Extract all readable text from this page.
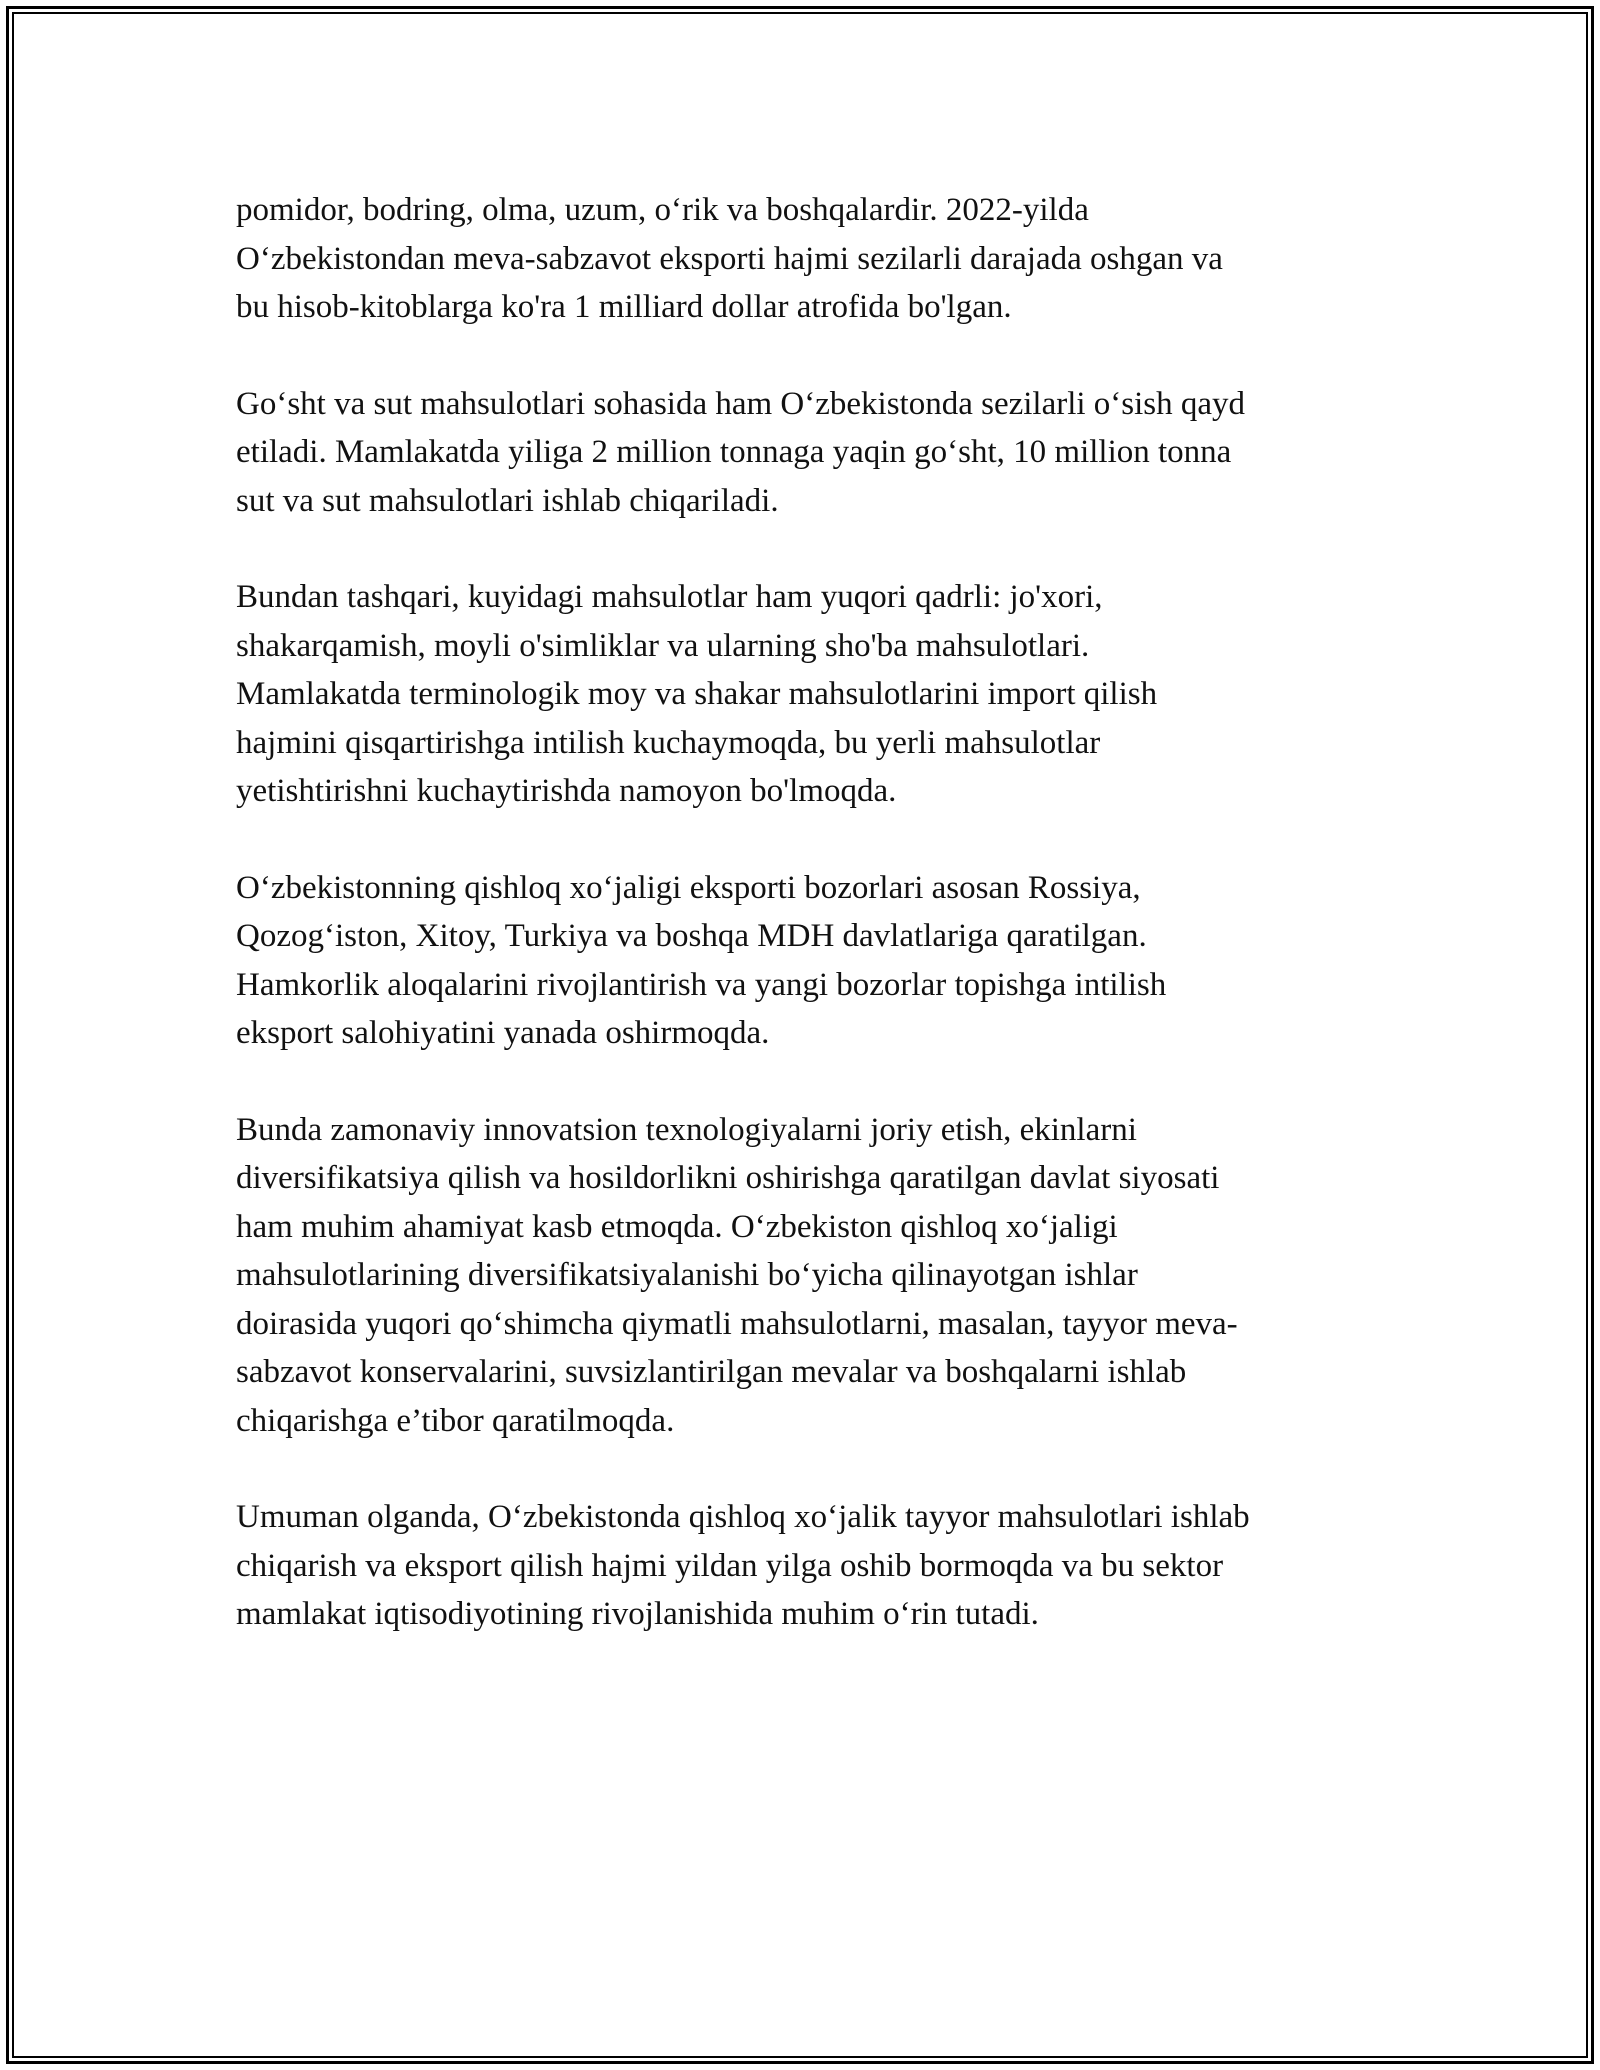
pomidor, bodring, olma, uzum, o‘rik va boshqalardir. 2022-yilda
O‘zbekistondan meva-sabzavot eksporti hajmi sezilarli darajada oshgan va
bu hisob-kitoblarga ko'ra 1 milliard dollar atrofida bo'lgan.

Go‘sht va sut mahsulotlari sohasida ham O‘zbekistonda sezilarli o‘sish qayd
etiladi. Mamlakatda yiliga 2 million tonnaga yaqin go‘sht, 10 million tonna
sut va sut mahsulotlari ishlab chiqariladi.

Bundan tashqari, kuyidagi mahsulotlar ham yuqori qadrli: jo'xori,
shakarqamish, moyli o'simliklar va ularning sho'ba mahsulotlari.
Mamlakatda terminologik moy va shakar mahsulotlarini import qilish
hajmini qisqartirishga intilish kuchaymoqda, bu yerli mahsulotlar
yetishtirishni kuchaytirishda namoyon bo'lmoqda.

O‘zbekistonning qishloq xo‘jaligi eksporti bozorlari asosan Rossiya,
Qozog‘iston, Xitoy, Turkiya va boshqa MDH davlatlariga qaratilgan.
Hamkorlik aloqalarini rivojlantirish va yangi bozorlar topishga intilish
eksport salohiyatini yanada oshirmoqda.

Bunda zamonaviy innovatsion texnologiyalarni joriy etish, ekinlarni
diversifikatsiya qilish va hosildorlikni oshirishga qaratilgan davlat siyosati
ham muhim ahamiyat kasb etmoqda. O‘zbekiston qishloq xo‘jaligi
mahsulotlarining diversifikatsiyalanishi bo‘yicha qilinayotgan ishlar
doirasida yuqori qo‘shimcha qiymatli mahsulotlarni, masalan, tayyor meva-
sabzavot konservalarini, suvsizlantirilgan mevalar va boshqalarni ishlab
chiqarishga e’tibor qaratilmoqda.

Umuman olganda, O‘zbekistonda qishloq xo‘jalik tayyor mahsulotlari ishlab
chiqarish va eksport qilish hajmi yildan yilga oshib bormoqda va bu sektor
mamlakat iqtisodiyotining rivojlanishida muhim o‘rin tutadi.
